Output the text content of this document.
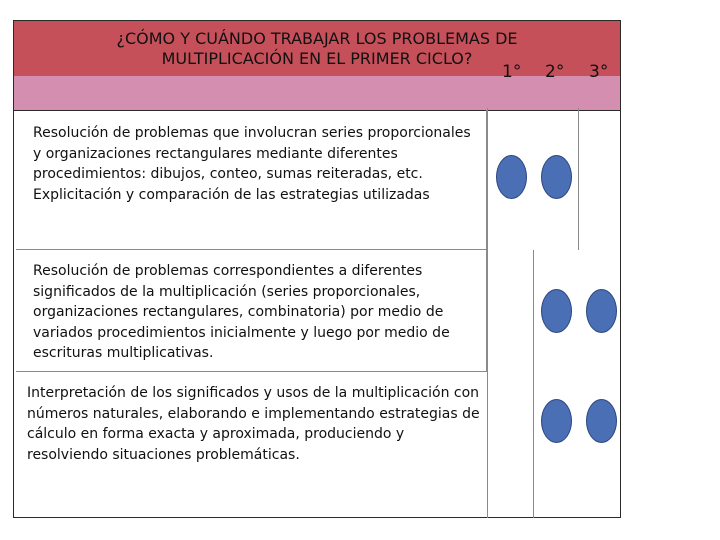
¿CÓMO Y CUÁNDO TRABAJAR LOS PROBLEMAS DE
MULTIPLICACIÓN EN EL PRIMER CICLO?
1° 2° 3°
Resolución de problemas que involucran series proporcionales y organizaciones rectangulares mediante diferentes procedimientos: dibujos, conteo, sumas reiteradas, etc. Explicitación y comparación de las estrategias utilizadas
Resolución de problemas correspondientes a diferentes significados de la multiplicación (series proporcionales, organizaciones rectangulares, combinatoria) por medio de variados procedimientos inicialmente y luego por medio de escrituras multiplicativas.
Interpretación de los significados y usos de la multiplicación con números naturales, elaborando e implementando estrategias de cálculo en forma exacta y aproximada, produciendo y resolviendo situaciones problemáticas.
